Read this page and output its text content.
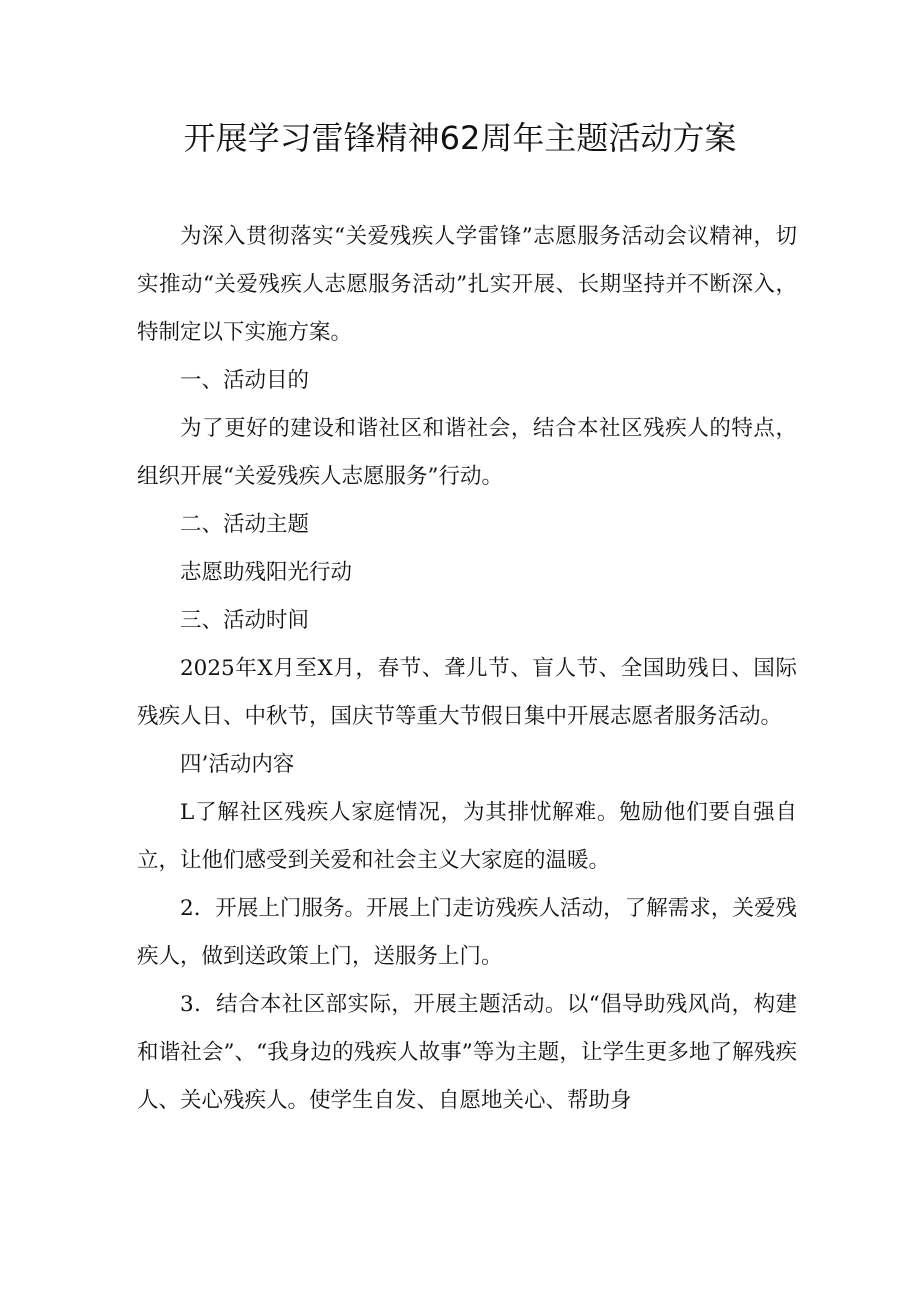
开展学习雷锋精神62周年主题活动方案

为深入贯彻落实“关爱残疾人学雷锋”志愿服务活动会议精神，切实推动“关爱残疾人志愿服务活动”扎实开展、长期坚持并不断深入，特制定以下实施方案。

一、活动目的

为了更好的建设和谐社区和谐社会，结合本社区残疾人的特点，组织开展“关爱残疾人志愿服务”行动。

二、活动主题

志愿助残阳光行动

三、活动时间

2025年X月至X月，春节、聋儿节、盲人节、全国助残日、国际残疾人日、中秋节，国庆节等重大节假日集中开展志愿者服务活动。

四’活动内容

L了解社区残疾人家庭情况，为其排忧解难。勉励他们要自强自立，让他们感受到关爱和社会主义大家庭的温暖。

2．开展上门服务。开展上门走访残疾人活动，了解需求，关爱残疾人，做到送政策上门，送服务上门。

3．结合本社区部实际，开展主题活动。以“倡导助残风尚，构建和谐社会”、“我身边的残疾人故事”等为主题，让学生更多地了解残疾人、关心残疾人。使学生自发、自愿地关心、帮助身
